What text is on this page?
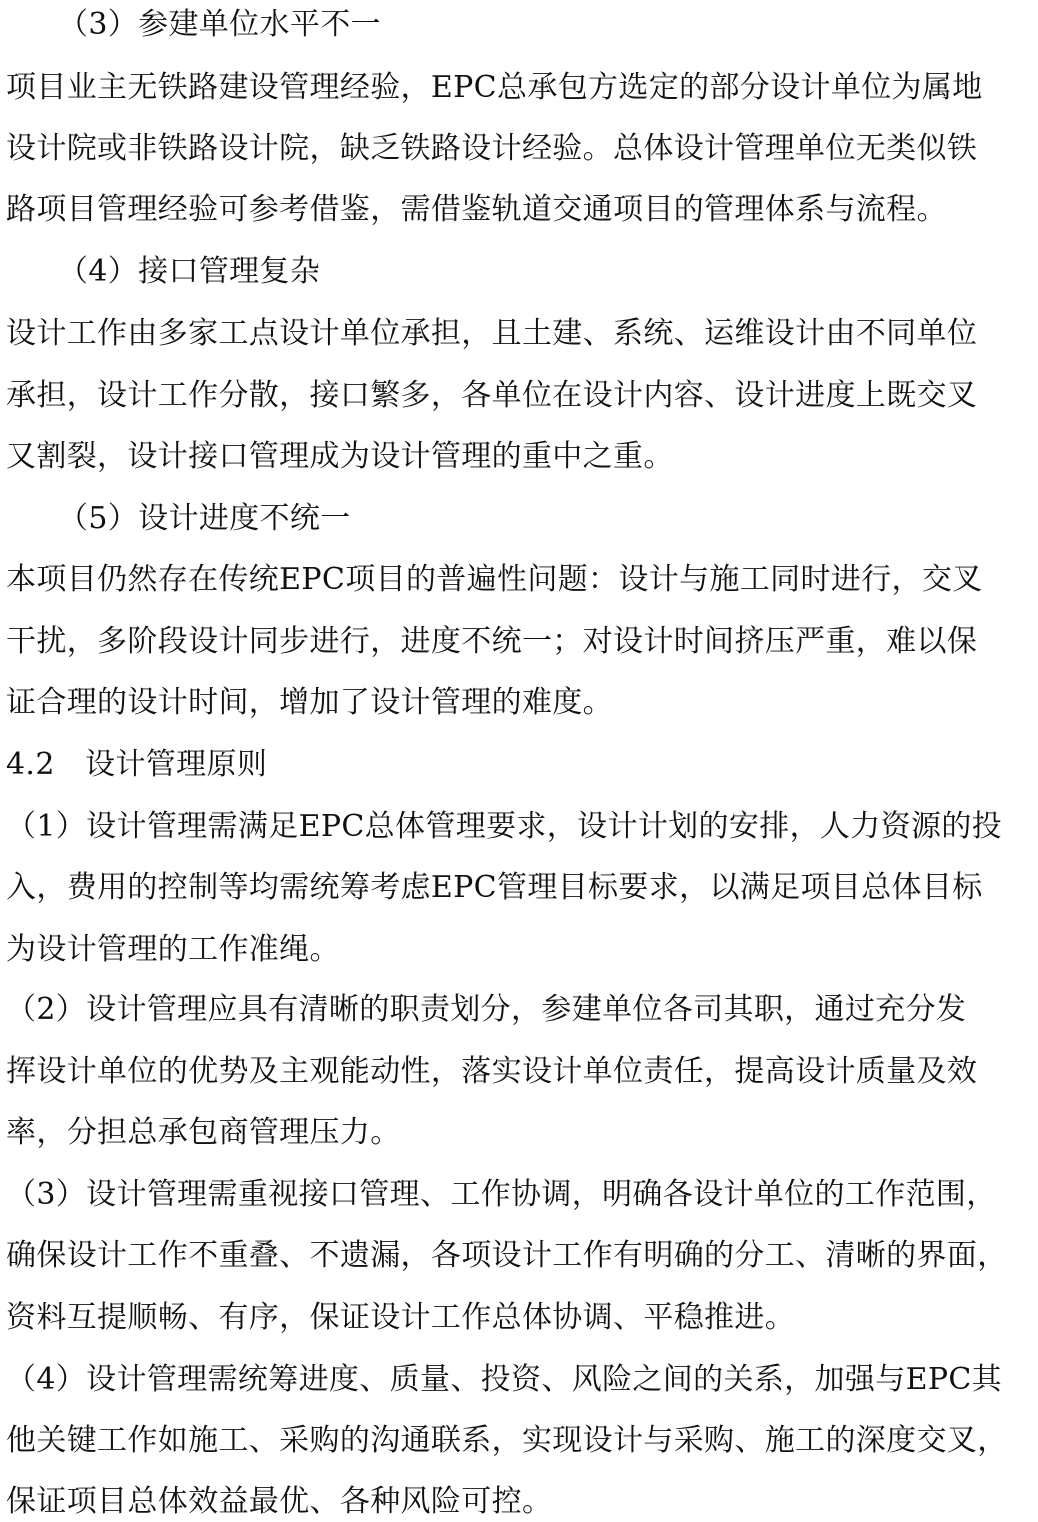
（3）参建单位水平不一
项目业主无铁路建设管理经验，EPC总承包方选定的部分设计单位为属地
设计院或非铁路设计院，缺乏铁路设计经验。总体设计管理单位无类似铁
路项目管理经验可参考借鉴，需借鉴轨道交通项目的管理体系与流程。
（4）接口管理复杂
设计工作由多家工点设计单位承担，且土建、系统、运维设计由不同单位
承担，设计工作分散，接口繁多，各单位在设计内容、设计进度上既交叉
又割裂，设计接口管理成为设计管理的重中之重。
（5）设计进度不统一
本项目仍然存在传统EPC项目的普遍性问题：设计与施工同时进行，交叉
干扰，多阶段设计同步进行，进度不统一；对设计时间挤压严重，难以保
证合理的设计时间，增加了设计管理的难度。
4.2　设计管理原则
（1）设计管理需满足EPC总体管理要求，设计计划的安排，人力资源的投
入，费用的控制等均需统筹考虑EPC管理目标要求，以满足项目总体目标
为设计管理的工作准绳。
（2）设计管理应具有清晰的职责划分，参建单位各司其职，通过充分发
挥设计单位的优势及主观能动性，落实设计单位责任，提高设计质量及效
率，分担总承包商管理压力。
（3）设计管理需重视接口管理、工作协调，明确各设计单位的工作范围，
确保设计工作不重叠、不遗漏，各项设计工作有明确的分工、清晰的界面，
资料互提顺畅、有序，保证设计工作总体协调、平稳推进。
（4）设计管理需统筹进度、质量、投资、风险之间的关系，加强与EPC其
他关键工作如施工、采购的沟通联系，实现设计与采购、施工的深度交叉，
保证项目总体效益最优、各种风险可控。
